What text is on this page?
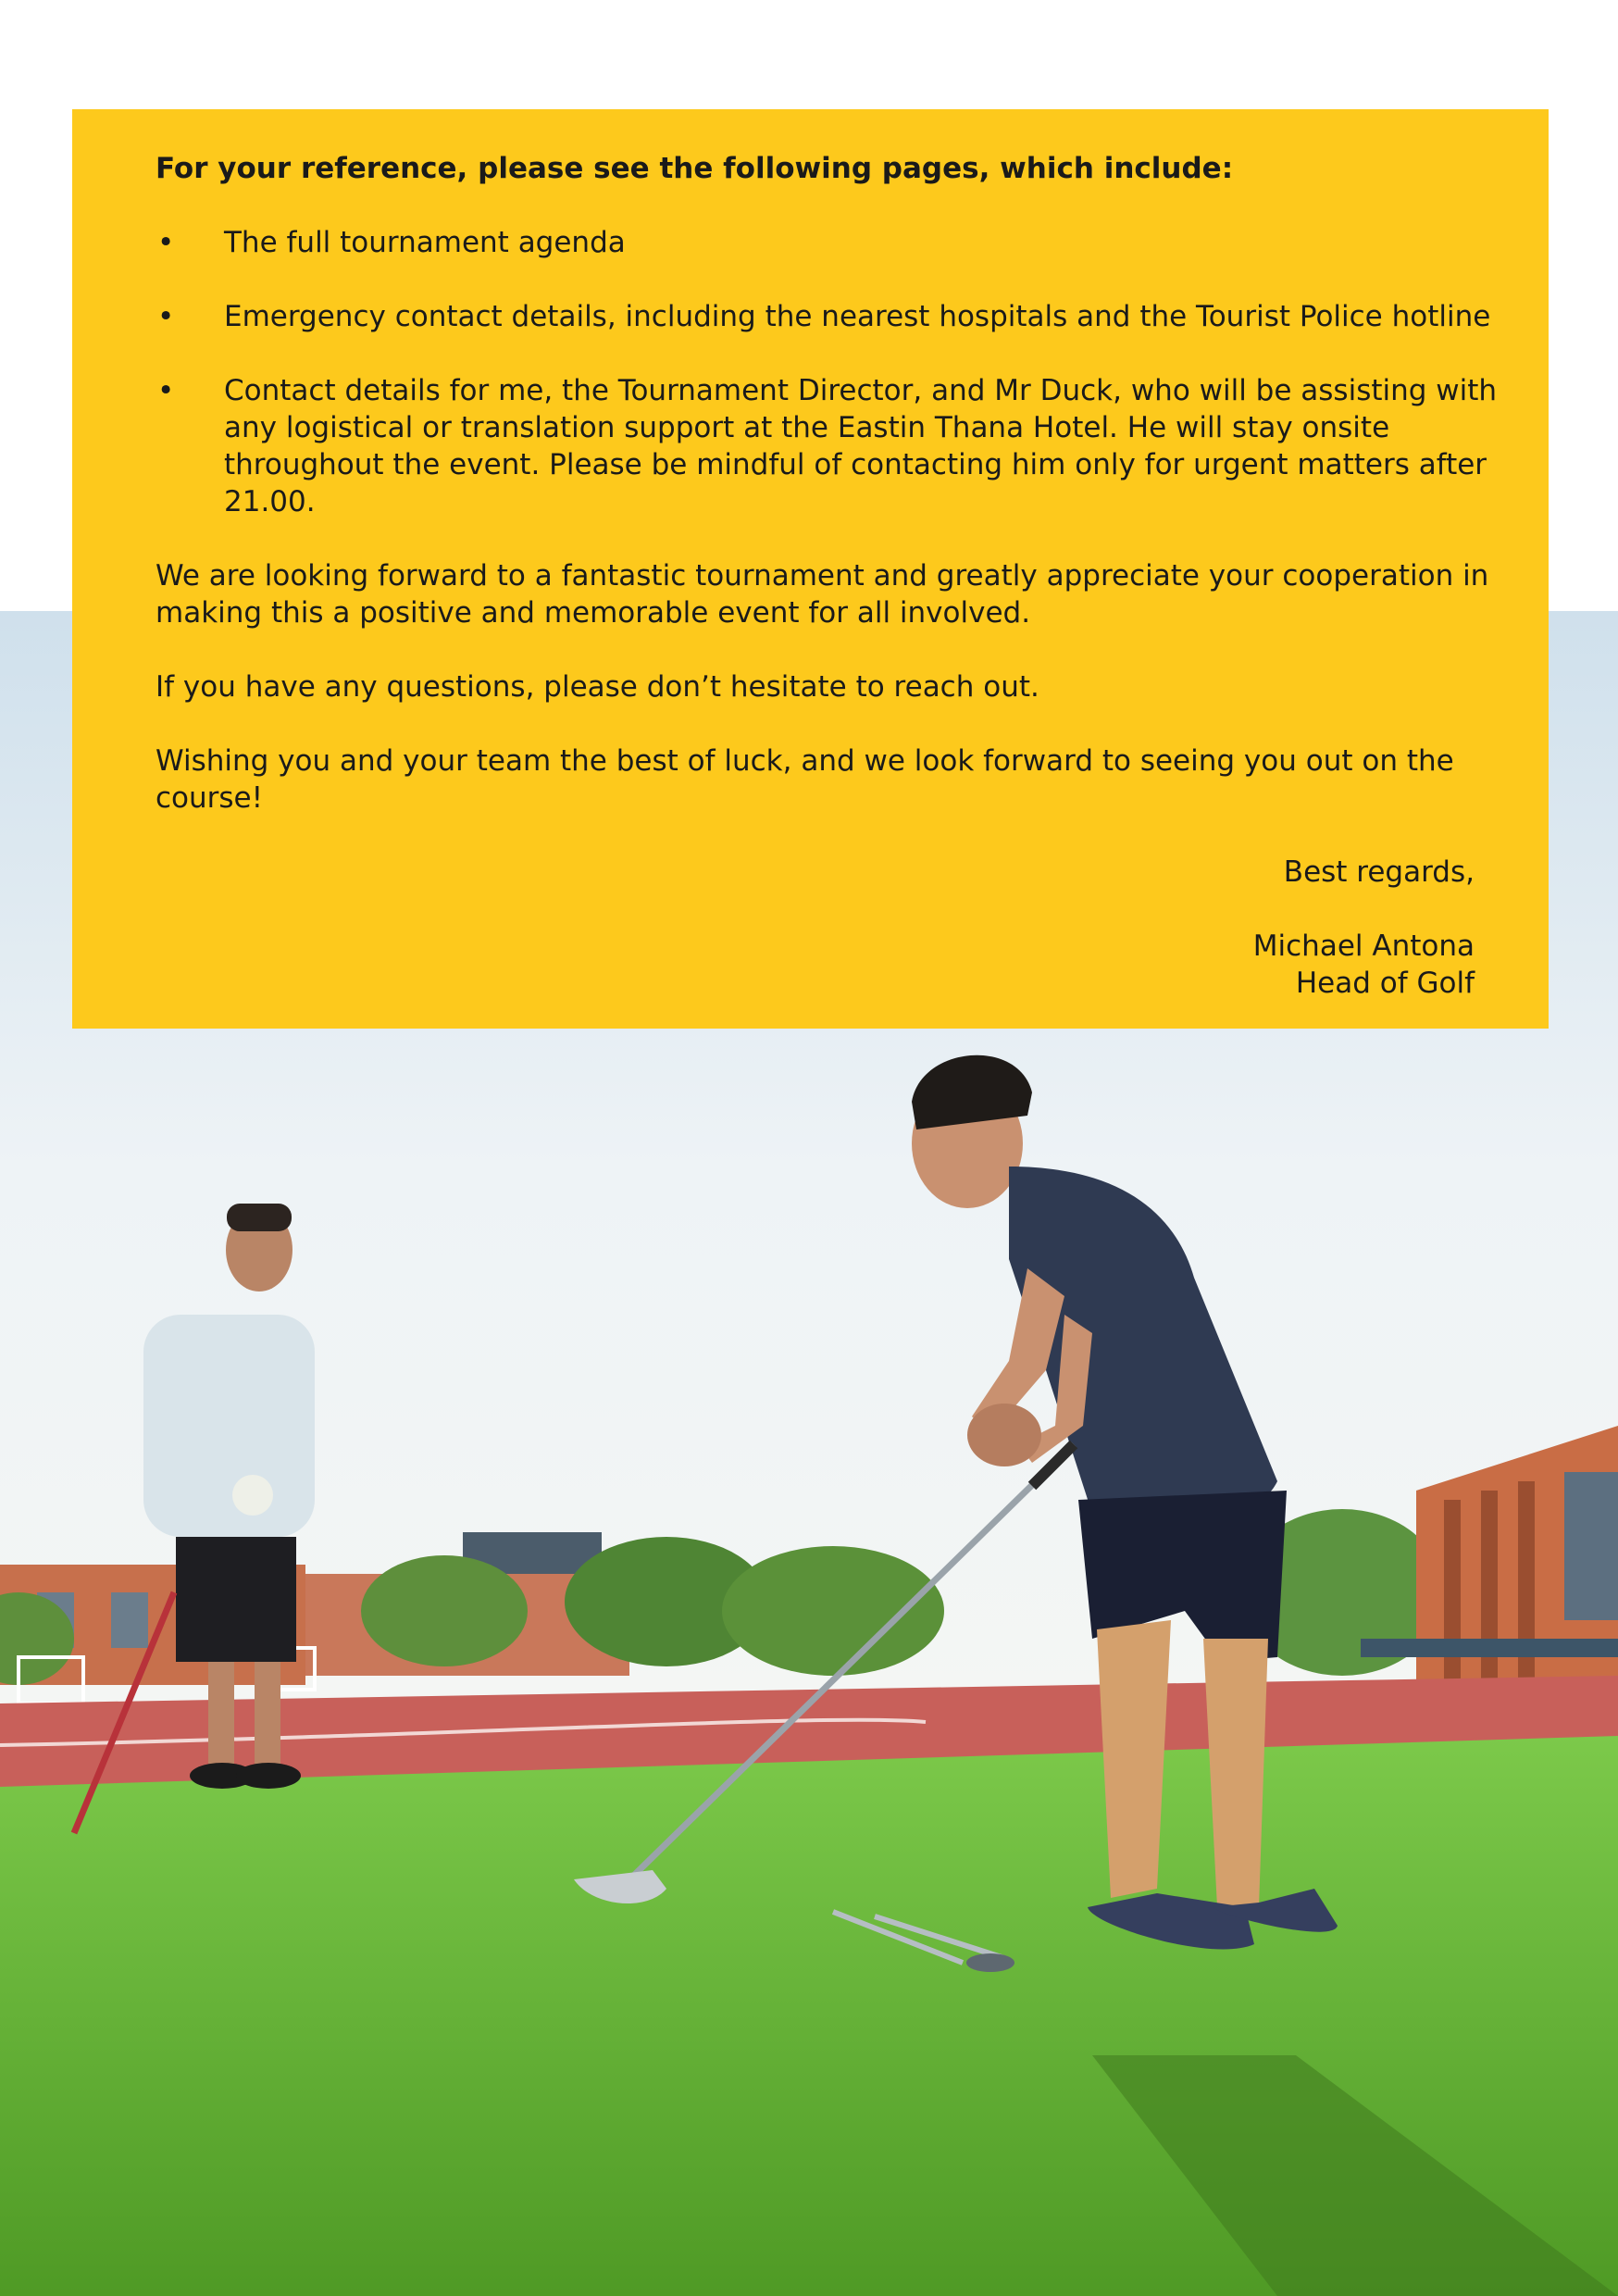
For your reference, please see the following pages, which include:

• The full tournament agenda
• Emergency contact details, including the nearest hospitals and the Tourist Police hotline
• Contact details for me, the Tournament Director, and Mr Duck, who will be assisting with any logistical or translation support at the Eastin Thana Hotel. He will stay onsite throughout the event. Please be mindful of contacting him only for urgent matters after 21.00.

We are looking forward to a fantastic tournament and greatly appreciate your cooperation in making this a positive and memorable event for all involved.

If you have any questions, please don’t hesitate to reach out.

Wishing you and your team the best of luck, and we look forward to seeing you out on the course!

Best regards,

Michael Antona
Head of Golf
